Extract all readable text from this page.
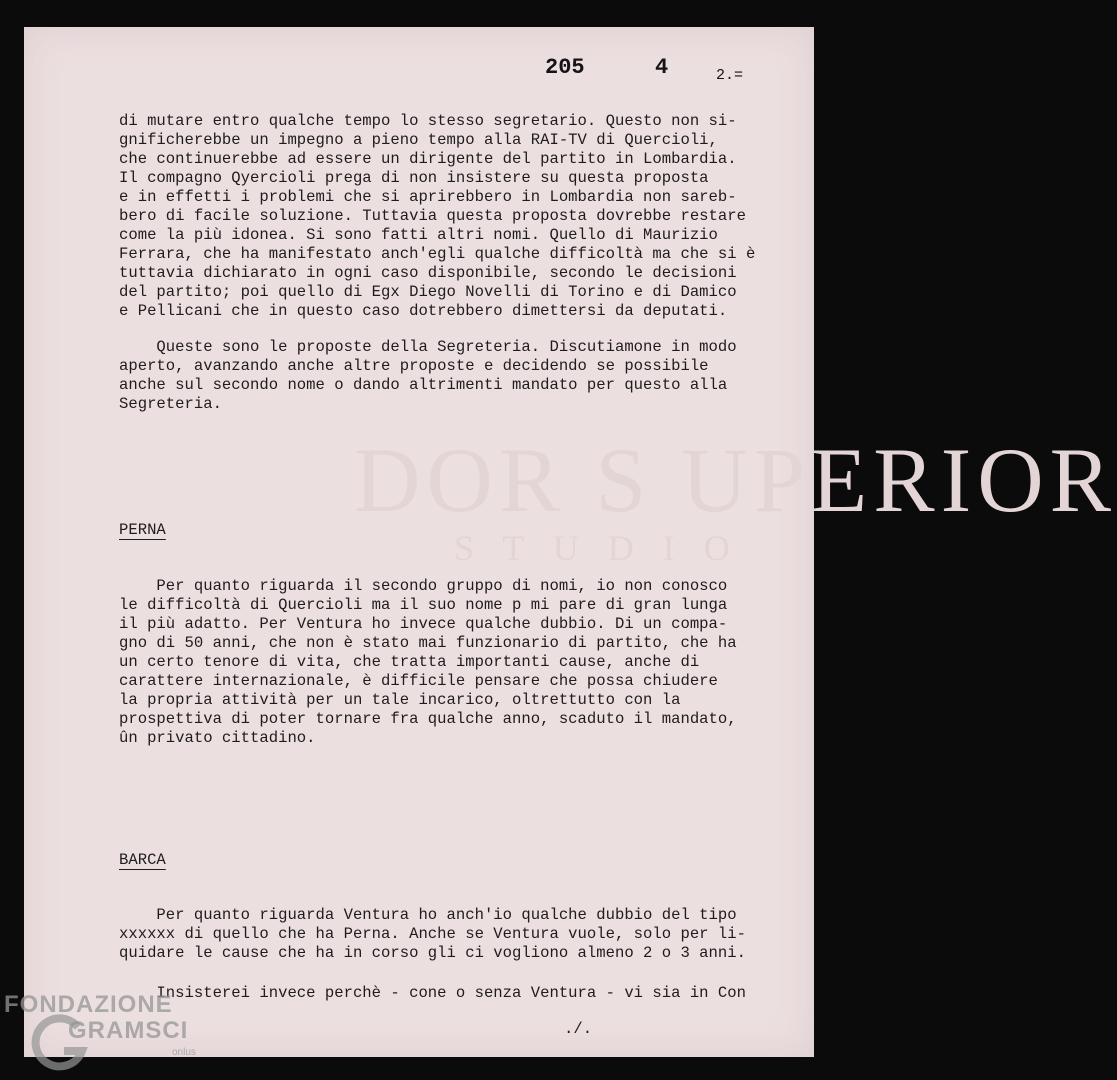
DOR S UPERIOR
S T U D I O
205	4	2.=
di mutare entro qualche tempo lo stesso segretario. Questo non si-
gnificherebbe un impegno a pieno tempo alla RAI-TV di Quercioli,
che continuerebbe ad essere un dirigente del partito in Lombardia.
Il compagno Qyercioli prega di non insistere su questa proposta
e in effetti i problemi che si aprirebbero in Lombardia non sareb-
bero di facile soluzione. Tuttavia questa proposta dovrebbe restare
come la più idonea. Si sono fatti altri nomi. Quello di Maurizio
Ferrara, che ha manifestato anch'egli qualche difficoltà ma che si è
tuttavia dichiarato in ogni caso disponibile, secondo le decisioni
del partito; poi quello di Egx Diego Novelli di Torino e di Damico
e Pellicani che in questo caso dotrebbero dimettersi da deputati.
Queste sono le proposte della Segreteria. Discutiamone in modo
aperto, avanzando anche altre proposte e decidendo se possibile
anche sul secondo nome o dando altrimenti mandato per questo alla
Segreteria.
PERNA
Per quanto riguarda il secondo gruppo di nomi, io non conosco
le difficoltà di Quercioli ma il suo nome p mi pare di gran lunga
il più adatto. Per Ventura ho invece qualche dubbio. Di un compa-
gno di 50 anni, che non è stato mai funzionario di partito, che ha
un certo tenore di vita, che tratta importanti cause, anche di
carattere internazionale, è difficile pensare che possa chiudere
la propria attività per un tale incarico, oltrettutto con la
prospettiva di poter tornare fra qualche anno, scaduto il mandato,
ûn privato cittadino.
BARCA
Per quanto riguarda Ventura ho anch'io qualche dubbio del tipo
xxxxxx di quello che ha Perna. Anche se Ventura vuole, solo per li-
quidare le cause che ha in corso gli ci vogliono almeno 2 o 3 anni.
Insisterei invece perchè - cone o senza Ventura - vi sia in Con
./.
FONDAZIONE
GRAMSCI
onlus
